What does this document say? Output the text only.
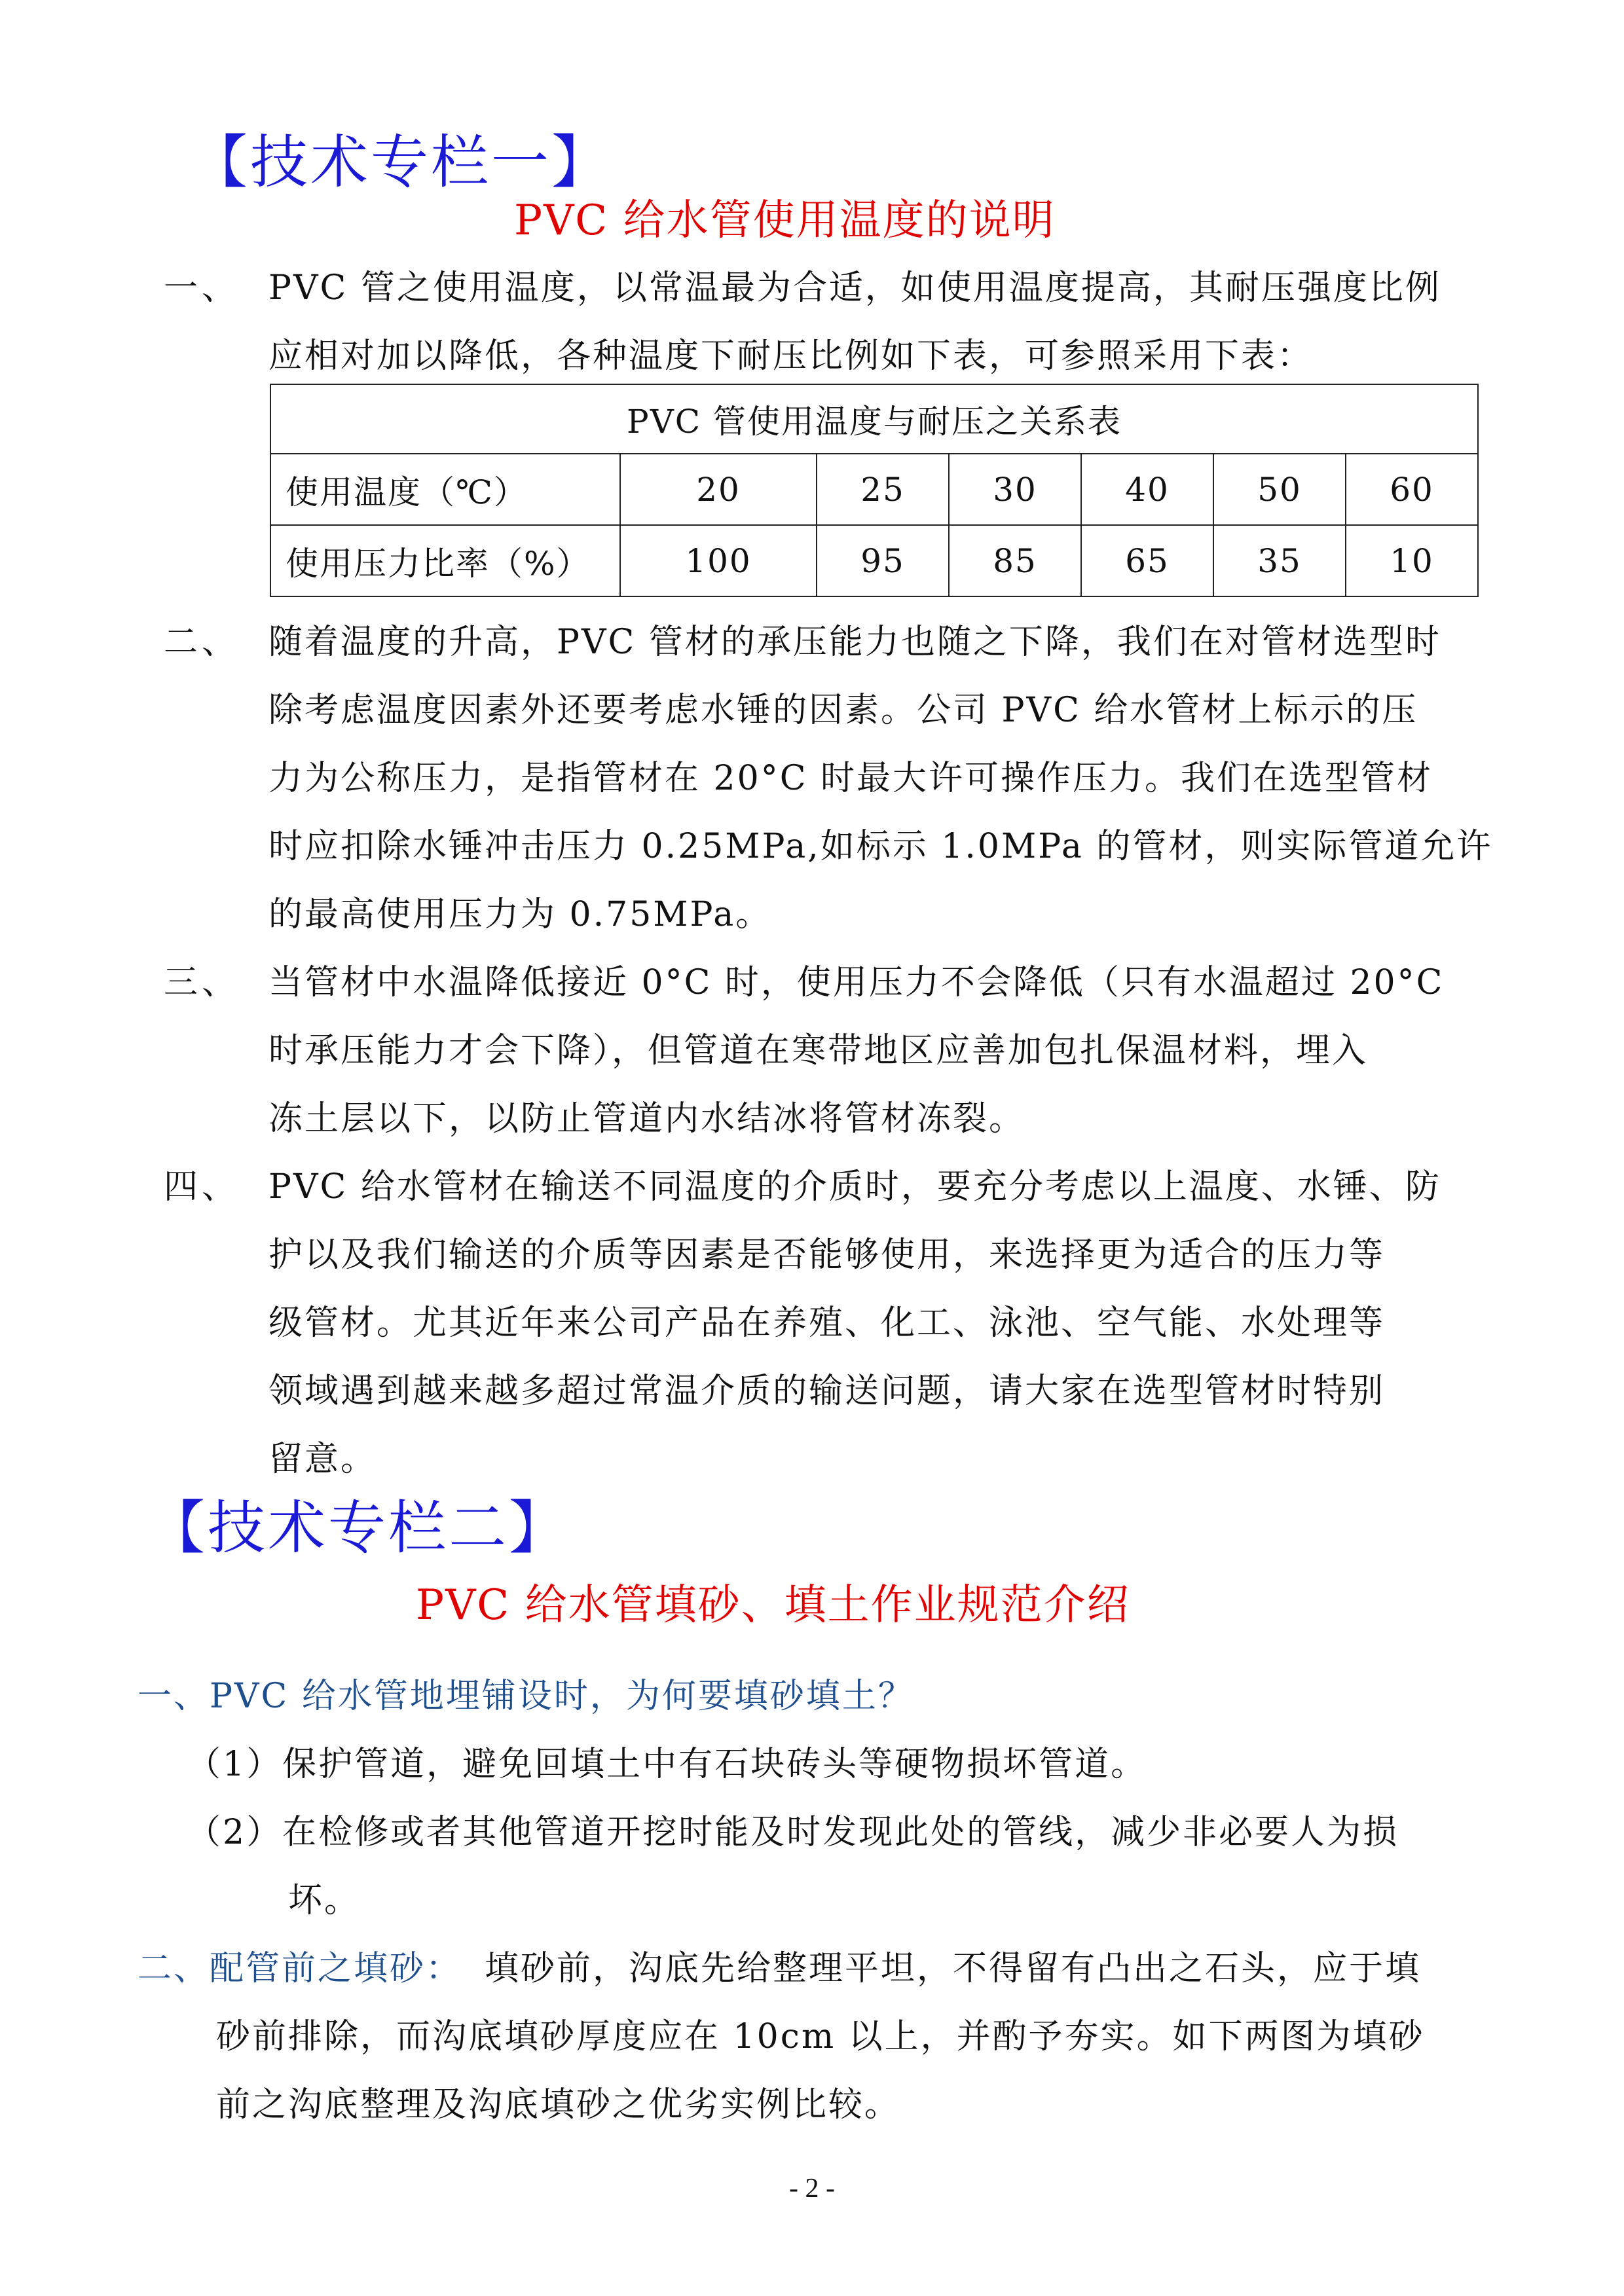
【技术专栏一】
PVC 给水管使用温度的说明
一、 PVC 管之使用温度，以常温最为合适，如使用温度提高，其耐压强度比例
应相对加以降低，各种温度下耐压比例如下表，可参照采用下表：
PVC 管使用温度与耐压之关系表						
使用温度（℃）	20	25	30	40	50	60
使用压力比率（%）	100	95	85	65	35	10
二、 随着温度的升高，PVC 管材的承压能力也随之下降，我们在对管材选型时
除考虑温度因素外还要考虑水锤的因素。公司 PVC 给水管材上标示的压
力为公称压力，是指管材在 20°C 时最大许可操作压力。我们在选型管材
时应扣除水锤冲击压力 0.25MPa,如标示 1.0MPa 的管材，则实际管道允许
的最高使用压力为 0.75MPa。
三、 当管材中水温降低接近 0°C 时，使用压力不会降低（只有水温超过 20°C
时承压能力才会下降），但管道在寒带地区应善加包扎保温材料，埋入
冻土层以下，以防止管道内水结冰将管材冻裂。
四、 PVC 给水管材在输送不同温度的介质时，要充分考虑以上温度、水锤、防
护以及我们输送的介质等因素是否能够使用，来选择更为适合的压力等
级管材。尤其近年来公司产品在养殖、化工、泳池、空气能、水处理等
领域遇到越来越多超过常温介质的输送问题，请大家在选型管材时特别
留意。
【技术专栏二】
PVC 给水管填砂、填土作业规范介绍
一、PVC 给水管地埋铺设时，为何要填砂填土？
（1）保护管道，避免回填土中有石块砖头等硬物损坏管道。
（2）在检修或者其他管道开挖时能及时发现此处的管线，减少非必要人为损
坏。
二、配管前之填砂： 填砂前，沟底先给整理平坦，不得留有凸出之石头，应于填
砂前排除，而沟底填砂厚度应在 10cm 以上，并酌予夯实。如下两图为填砂
前之沟底整理及沟底填砂之优劣实例比较。
- 2 -
